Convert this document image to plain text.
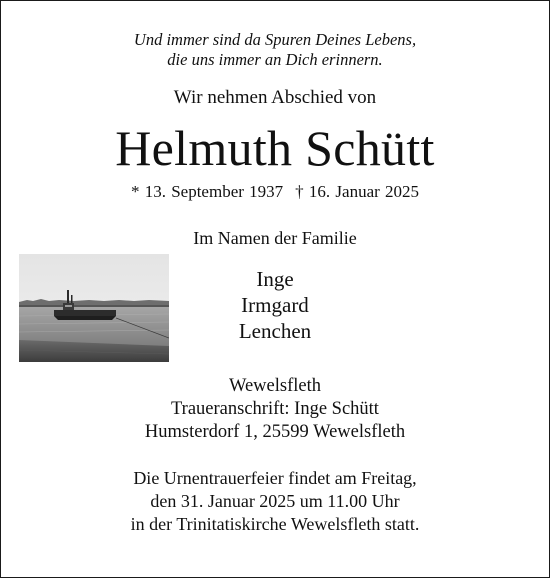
Und immer sind da Spuren Deines Lebens,
die uns immer an Dich erinnern.
Wir nehmen Abschied von
Helmuth Schütt
* 13. September 1937 † 16. Januar 2025
Im Namen der Familie
Inge
Irmgard
Lenchen
Wewelsfleth
Traueranschrift: Inge Schütt
Humsterdorf 1, 25599 Wewelsfleth
Die Urnentrauerfeier findet am Freitag,
den 31. Januar 2025 um 11.00 Uhr
in der Trinitatiskirche Wewelsfleth statt.
